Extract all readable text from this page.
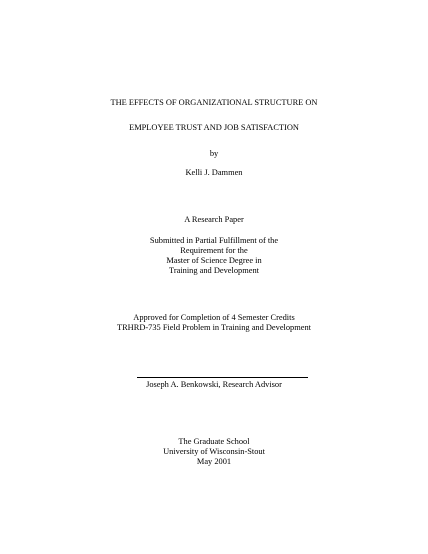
THE EFFECTS OF ORGANIZATIONAL STRUCTURE ON
EMPLOYEE TRUST AND JOB SATISFACTION
by
Kelli J. Dammen
A Research Paper
Submitted in Partial Fulfillment of the
Requirement for the
Master of Science Degree in
Training and Development
Approved for Completion of 4 Semester Credits
TRHRD-735 Field Problem in Training and Development
Joseph A. Benkowski, Research Advisor
The Graduate School
University of Wisconsin-Stout
May 2001
